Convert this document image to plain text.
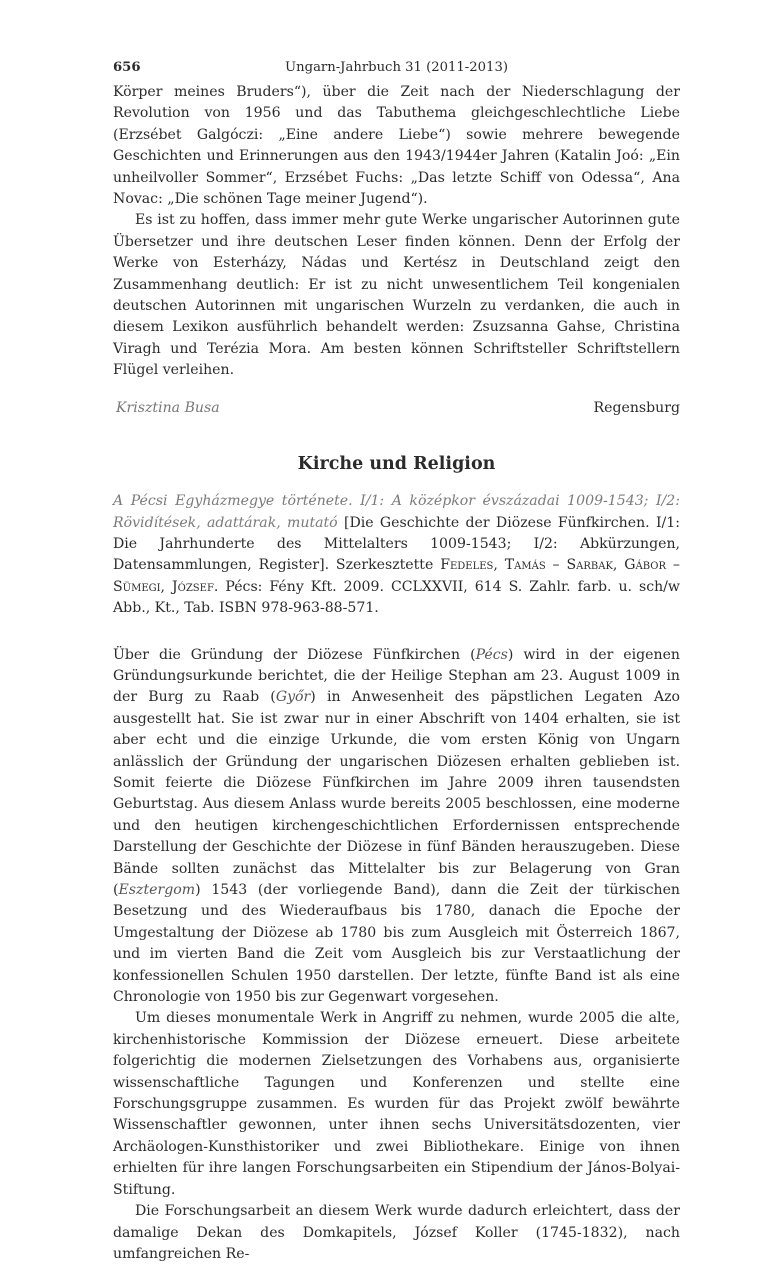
656	Ungarn-Jahrbuch 31 (2011-2013)

Körper meines Bruders“), über die Zeit nach der Niederschlagung der Revolution von 1956 und das Tabuthema gleichgeschlechtliche Liebe (Erzsébet Galgóczi: „Eine andere Liebe“) sowie mehrere bewegende Geschichten und Erinnerungen aus den 1943/1944er Jahren (Katalin Joó: „Ein unheilvoller Sommer“, Erzsébet Fuchs: „Das letzte Schiff von Odessa“, Ana Novac: „Die schönen Tage meiner Jugend“).

Es ist zu hoffen, dass immer mehr gute Werke ungarischer Autorinnen gute Übersetzer und ihre deutschen Leser finden können. Denn der Erfolg der Werke von Esterházy, Nádas und Kertész in Deutschland zeigt den Zusammenhang deutlich: Er ist zu nicht unwesentlichem Teil kongenialen deutschen Autorinnen mit ungarischen Wurzeln zu verdanken, die auch in diesem Lexikon ausführlich behandelt werden: Zsuzsanna Gahse, Christina Viragh und Terézia Mora. Am besten können Schriftsteller Schriftstellern Flügel verleihen.

Krisztina Busa	Regensburg
Kirche und Religion

A Pécsi Egyházmegye története. I/1: A középkor évszázadai 1009-1543; I/2: Rövidítések, adattárak, mutató [Die Geschichte der Diözese Fünfkirchen. I/1: Die Jahrhunderte des Mittelalters 1009-1543; I/2: Abkürzungen, Datensammlungen, Register]. Szerkesztette Fedeles, Tamás – Sarbak, Gábor – Sümegi, József. Pécs: Fény Kft. 2009. CCLXXVII, 614 S. Zahlr. farb. u. sch/w Abb., Kt., Tab. ISBN 978-963-88-571.

Über die Gründung der Diözese Fünfkirchen (Pécs) wird in der eigenen Gründungsurkunde berichtet, die der Heilige Stephan am 23. August 1009 in der Burg zu Raab (Győr) in Anwesenheit des päpstlichen Legaten Azo ausgestellt hat. Sie ist zwar nur in einer Abschrift von 1404 erhalten, sie ist aber echt und die einzige Urkunde, die vom ersten König von Ungarn anlässlich der Gründung der ungarischen Diözesen erhalten geblieben ist. Somit feierte die Diözese Fünfkirchen im Jahre 2009 ihren tausendsten Geburtstag. Aus diesem Anlass wurde bereits 2005 beschlossen, eine moderne und den heutigen kirchengeschichtlichen Erfordernissen entsprechende Darstellung der Geschichte der Diözese in fünf Bänden herauszugeben. Diese Bände sollten zunächst das Mittelalter bis zur Belagerung von Gran (Esztergom) 1543 (der vorliegende Band), dann die Zeit der türkischen Besetzung und des Wiederaufbaus bis 1780, danach die Epoche der Umgestaltung der Diözese ab 1780 bis zum Ausgleich mit Österreich 1867, und im vierten Band die Zeit vom Ausgleich bis zur Verstaatlichung der konfessionellen Schulen 1950 darstellen. Der letzte, fünfte Band ist als eine Chronologie von 1950 bis zur Gegenwart vorgesehen.

Um dieses monumentale Werk in Angriff zu nehmen, wurde 2005 die alte, kirchenhistorische Kommission der Diözese erneuert. Diese arbeitete folgerichtig die modernen Zielsetzungen des Vorhabens aus, organisierte wissenschaftliche Tagungen und Konferenzen und stellte eine Forschungsgruppe zusammen. Es wurden für das Projekt zwölf bewährte Wissenschaftler gewonnen, unter ihnen sechs Universitätsdozenten, vier Archäologen-Kunsthistoriker und zwei Bibliothekare. Einige von ihnen erhielten für ihre langen Forschungsarbeiten ein Stipendium der János-Bolyai-Stiftung.

Die Forschungsarbeit an diesem Werk wurde dadurch erleichtert, dass der damalige Dekan des Domkapitels, József Koller (1745-1832), nach umfangreichen Re-
